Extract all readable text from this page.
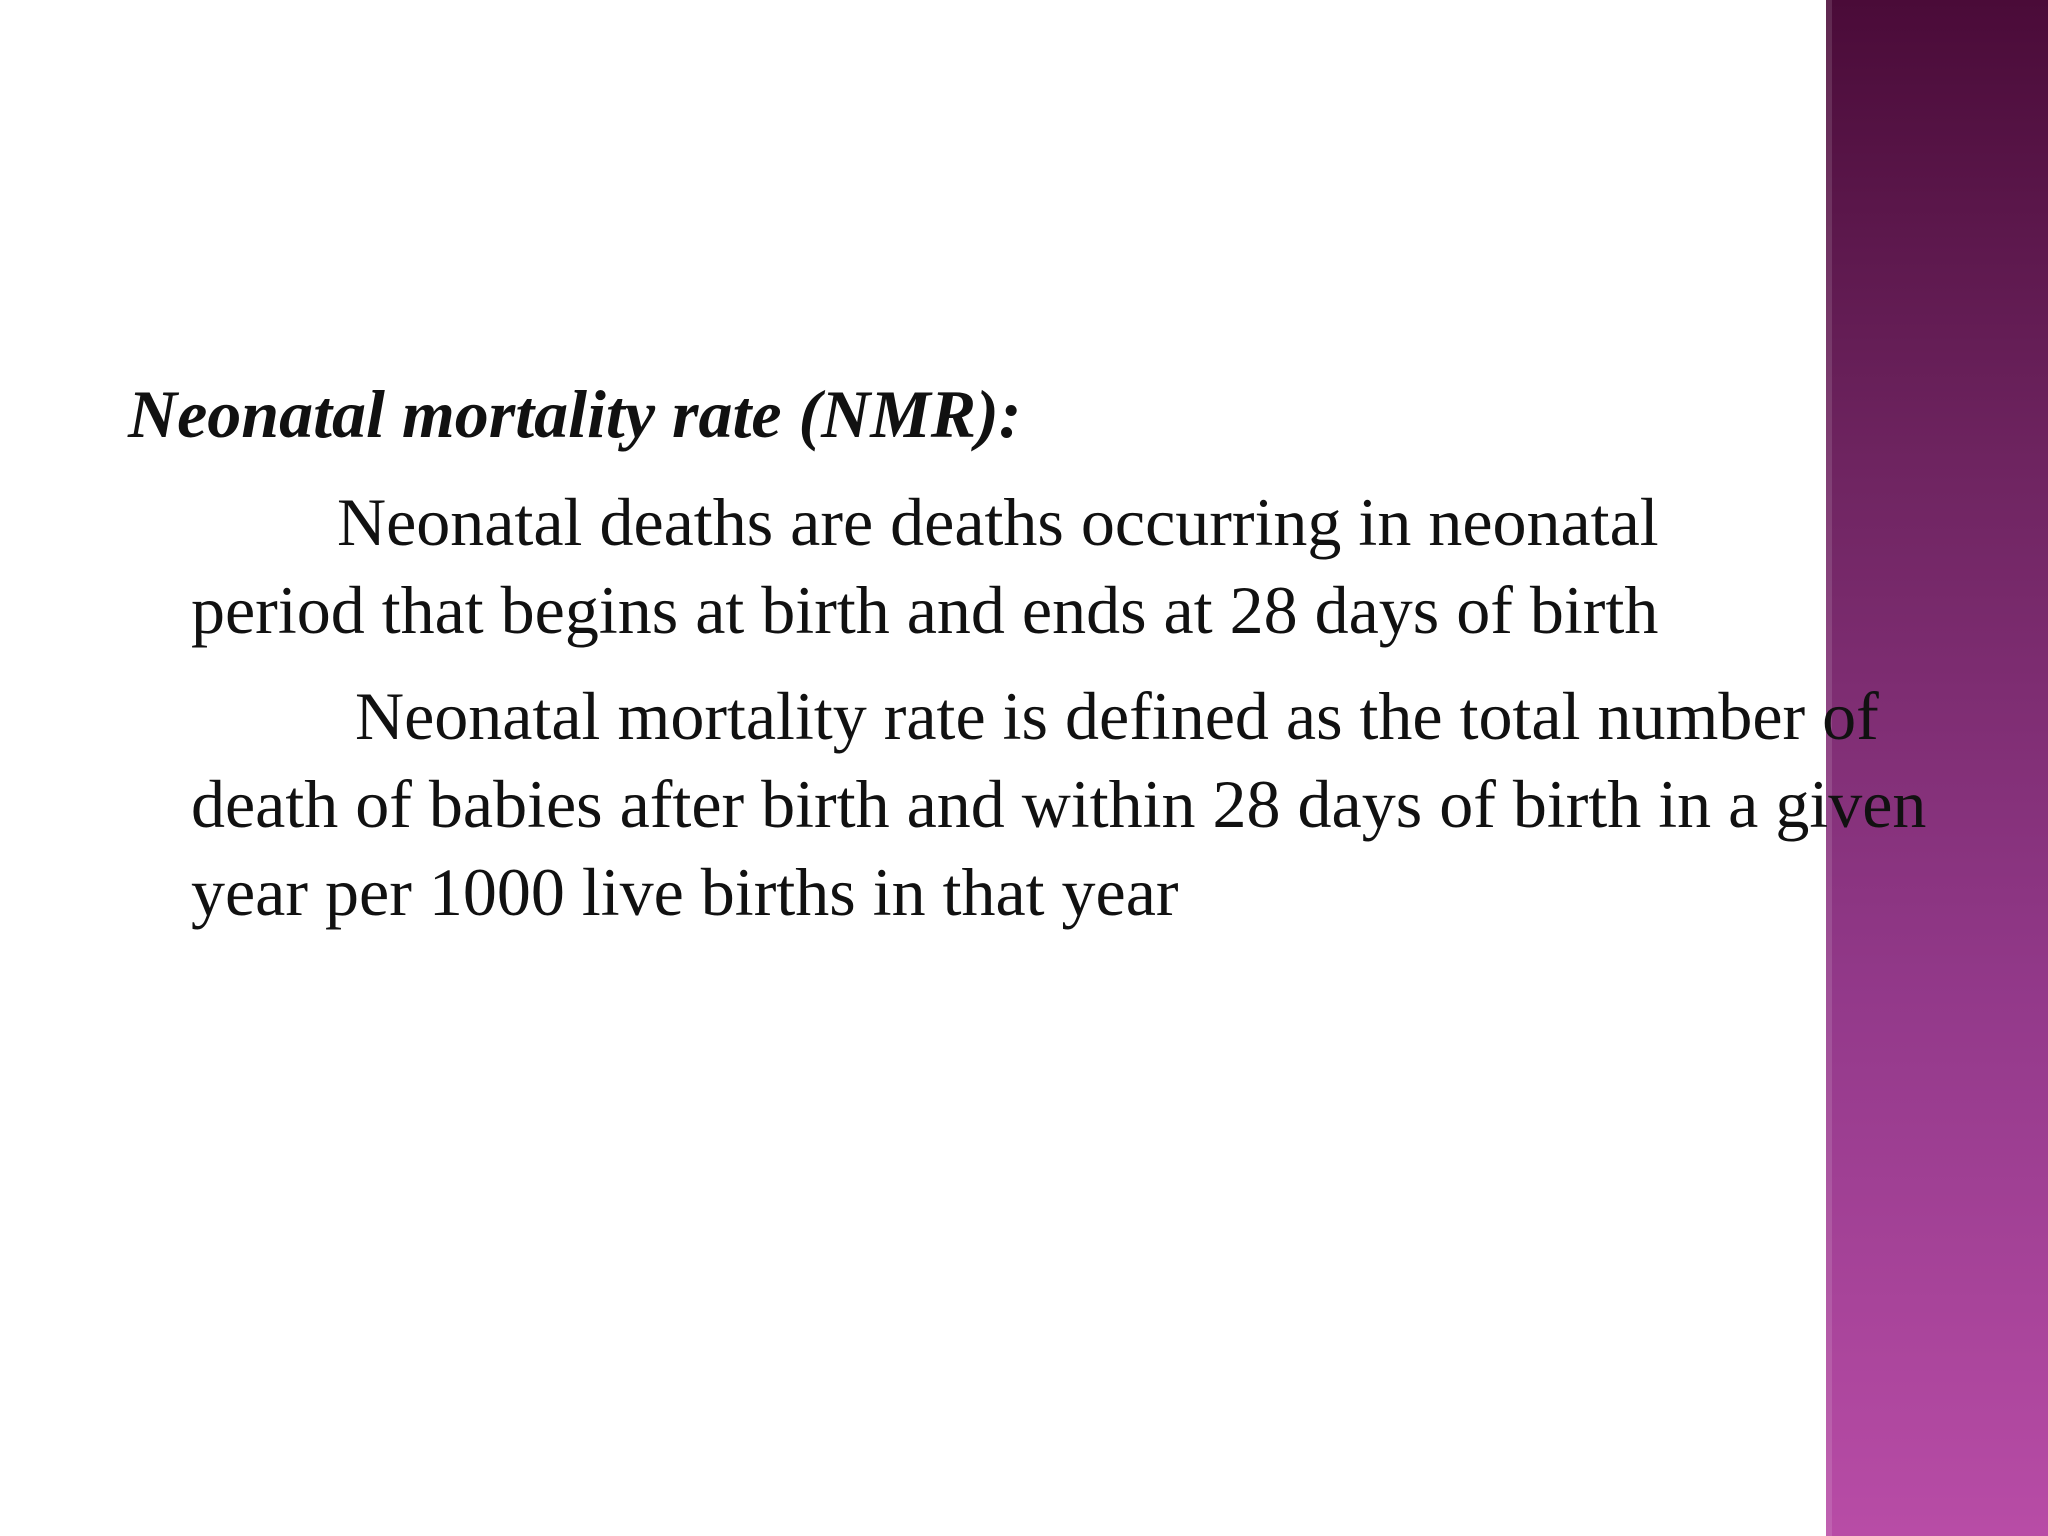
Neonatal mortality rate (NMR):

Neonatal deaths are deaths occurring in neonatal period that begins at birth and ends at 28 days of birth

Neonatal mortality rate is defined as the total number of death of babies after birth and within 28 days of birth in a given year per 1000 live births in that year
